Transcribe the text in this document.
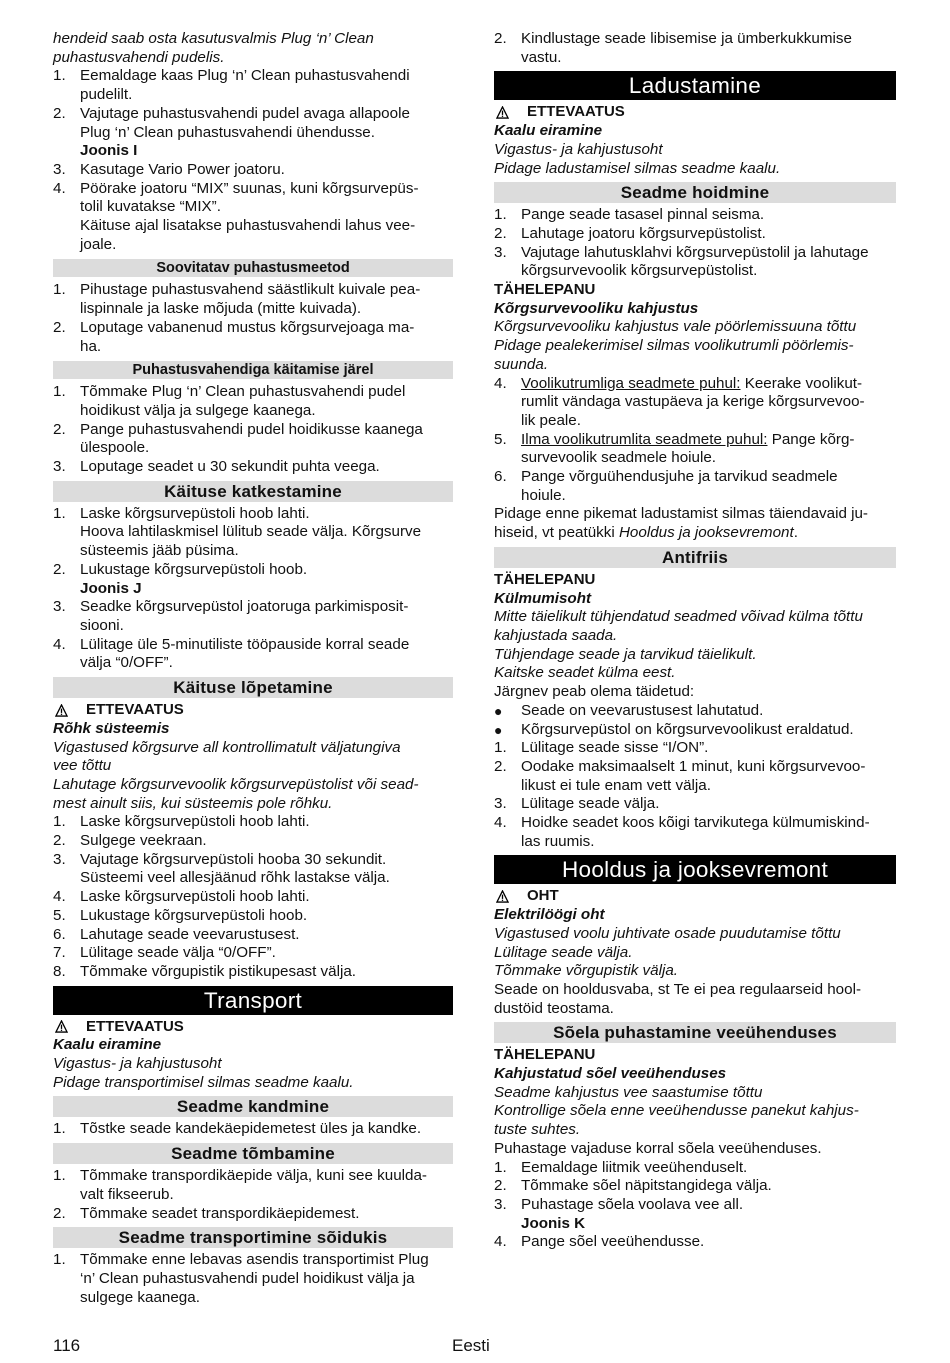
hendeid saab osta kasutusvalmis Plug ‘n’ Clean

puhastusvahendi pudelis.

1. Eemaldage kaas Plug ‘n’ Clean puhastusvahendi
pudelilt.
2. Vajutage puhastusvahendi pudel avaga allapoole
Plug ‘n’ Clean puhastusvahendi ühendusse.
Joonis I
3. Kasutage Vario Power joatoru.
4. Pöörake joatoru “MIX” suunas, kuni kõrgsurvepüs-
tolil kuvatakse “MIX”.
Käituse ajal lisatakse puhastusvahendi lahus vee-
joale.
Soovitatav puhastusmeetod
1. Pihustage puhastusvahend säästlikult kuivale pea-
lispinnale ja laske mõjuda (mitte kuivada).
2. Loputage vabanenud mustus kõrgsurvejoaga ma-
ha.
Puhastusvahendiga käitamise järel
1. Tõmmake Plug ‘n’ Clean puhastusvahendi pudel
hoidikust välja ja sulgege kaanega.
2. Pange puhastusvahendi pudel hoidikusse kaanega
ülespoole.
3. Loputage seadet u 30 sekundit puhta veega.
Käituse katkestamine
1. Laske kõrgsurvepüstoli hoob lahti.
Hoova lahtilaskmisel lülitub seade välja. Kõrgsurve
süsteemis jääb püsima.
2. Lukustage kõrgsurvepüstoli hoob.
Joonis J
3. Seadke kõrgsurvepüstol joatoruga parkimisposit-
siooni.
4. Lülitage üle 5-minutiliste tööpauside korral seade
välja “0/OFF”.
Käituse lõpetamine
ETTEVAATUS
Rõhk süsteemis
Vigastused kõrgsurve all kontrollimatult väljatungiva
vee tõttu
Lahutage kõrgsurvevoolik kõrgsurvepüstolist või sead-
mest ainult siis, kui süsteemis pole rõhku.
1. Laske kõrgsurvepüstoli hoob lahti.
2. Sulgege veekraan.
3. Vajutage kõrgsurvepüstoli hooba 30 sekundit.
Süsteemi veel allesjäänud rõhk lastakse välja.
4. Laske kõrgsurvepüstoli hoob lahti.
5. Lukustage kõrgsurvepüstoli hoob.
6. Lahutage seade veevarustusest.
7. Lülitage seade välja “0/OFF”.
8. Tõmmake võrgupistik pistikupesast välja.
Transport
ETTEVAATUS
Kaalu eiramine
Vigastus- ja kahjustusoht
Pidage transportimisel silmas seadme kaalu.
Seadme kandmine
1. Tõstke seade kandekäepidemetest üles ja kandke.
Seadme tõmbamine
1. Tõmmake transpordikäepide välja, kuni see kuulda-
valt fikseerub.
2. Tõmmake seadet transpordikäepidemest.
Seadme transportimine sõidukis
1. Tõmmake enne lebavas asendis transportimist Plug
‘n’ Clean puhastusvahendi pudel hoidikust välja ja
sulgege kaanega.
2. Kindlustage seade libisemise ja ümberkukkumise
vastu.
Ladustamine
ETTEVAATUS
Kaalu eiramine
Vigastus- ja kahjustusoht
Pidage ladustamisel silmas seadme kaalu.
Seadme hoidmine
1. Pange seade tasasel pinnal seisma.
2. Lahutage joatoru kõrgsurvepüstolist.
3. Vajutage lahutusklahvi kõrgsurvepüstolil ja lahutage
kõrgsurvevoolik kõrgsurvepüstolist.
TÄHELEPANU
Kõrgsurvevooliku kahjustus
Kõrgsurvevooliku kahjustus vale pöörlemissuuna tõttu
Pidage pealekerimisel silmas voolikutrumli pöörlemis-
suunda.
4. Voolikutrumliga seadmete puhul: Keerake voolikut-
rumlit vändaga vastupäeva ja kerige kõrgsurvevoo-
lik peale.
5. Ilma voolikutrumlita seadmete puhul: Pange kõrg-
survevoolik seadmele hoiule.
6. Pange võrguühendusjuhe ja tarvikud seadmele
hoiule.

Pidage enne pikemat ladustamist silmas täiendavaid ju-
hiseid, vt peatükki Hooldus ja jooksevremont.

Antifriis
TÄHELEPANU
Külmumisoht
Mitte täielikult tühjendatud seadmed võivad külma tõttu
kahjustada saada.
Tühjendage seade ja tarvikud täielikult.
Kaitske seadet külma eest.

Järgnev peab olema täidetud:

●	Seade on veevarustusest lahutatud.
●	Kõrgsurvepüstol on kõrgsurvevoolikust eraldatud.
1. Lülitage seade sisse “I/ON”.
2. Oodake maksimaalselt 1 minut, kuni kõrgsurvevoo-
likust ei tule enam vett välja.
3. Lülitage seade välja.
4. Hoidke seadet koos kõigi tarvikutega külmumiskind-
las ruumis.
Hooldus ja jooksevremont
OHT
Elektrilöögi oht
Vigastused voolu juhtivate osade puudutamise tõttu
Lülitage seade välja.
Tõmmake võrgupistik välja.

Seade on hooldusvaba, st Te ei pea regulaarseid hool-

dustöid teostama.

Sõela puhastamine veeühenduses
TÄHELEPANU
Kahjustatud sõel veeühenduses
Seadme kahjustus vee saastumise tõttu
Kontrollige sõela enne veeühendusse panekut kahjus-
tuste suhtes.

Puhastage vajaduse korral sõela veeühenduses.

1. Eemaldage liitmik veeühenduselt.
2. Tõmmake sõel näpitstangidega välja.
3. Puhastage sõela voolava vee all.
Joonis K
4. Pange sõel veeühendusse.
116	Eesti
